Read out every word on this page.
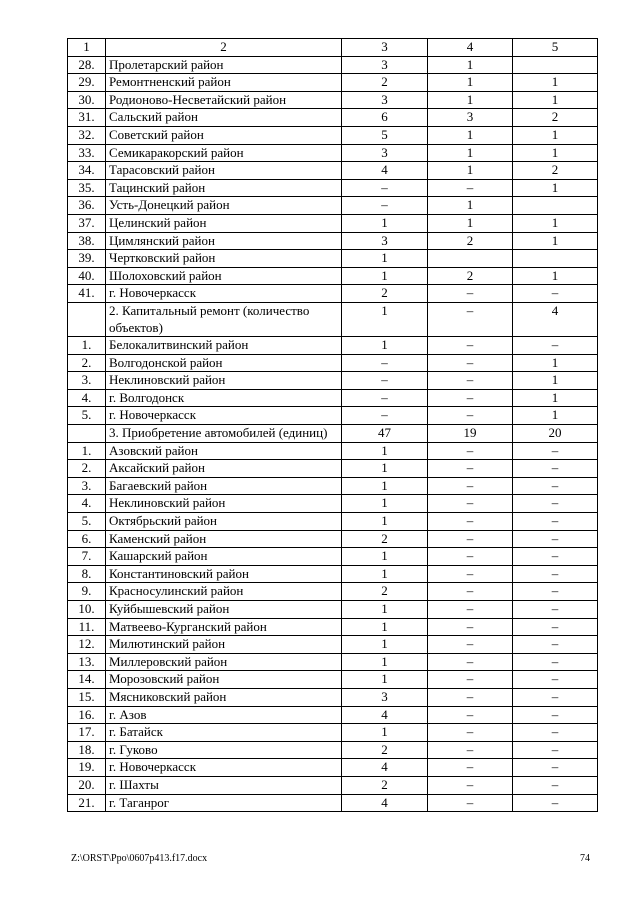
1	2	3	4	5
28.	Пролетарский район	3	1	
29.	Ремонтненский район	2	1	1
30.	Родионово-Несветайский район	3	1	1
31.	Сальский район	6	3	2
32.	Советский район	5	1	1
33.	Семикаракорский район	3	1	1
34.	Тарасовский район	4	1	2
35.	Тацинский район	–	–	1
36.	Усть-Донецкий район	–	1	
37.	Целинский район	1	1	1
38.	Цимлянский район	3	2	1
39.	Чертковский район	1		
40.	Шолоховский район	1	2	1
41.	г. Новочеркасск	2	–	–
	2. Капитальный ремонт (количество объектов)	1	–	4
1.	Белокалитвинский район	1	–	–
2.	Волгодонской район	–	–	1
3.	Неклиновский район	–	–	1
4.	г. Волгодонск	–	–	1
5.	г. Новочеркасск	–	–	1
	3. Приобретение автомобилей (единиц)	47	19	20
1.	Азовский район	1	–	–
2.	Аксайский район	1	–	–
3.	Багаевский район	1	–	–
4.	Неклиновский район	1	–	–
5.	Октябрьский район	1	–	–
6.	Каменский район	2	–	–
7.	Кашарский район	1	–	–
8.	Константиновский район	1	–	–
9.	Красносулинский район	2	–	–
10.	Куйбышевский район	1	–	–
11.	Матвеево-Курганский район	1	–	–
12.	Милютинский район	1	–	–
13.	Миллеровский район	1	–	–
14.	Морозовский район	1	–	–
15.	Мясниковский район	3	–	–
16.	г. Азов	4	–	–
17.	г. Батайск	1	–	–
18.	г. Гуково	2	–	–
19.	г. Новочеркасск	4	–	–
20.	г. Шахты	2	–	–
21.	г. Таганрог	4	–	–
Z:\ORST\Ppo\0607p413.f17.docx	74
